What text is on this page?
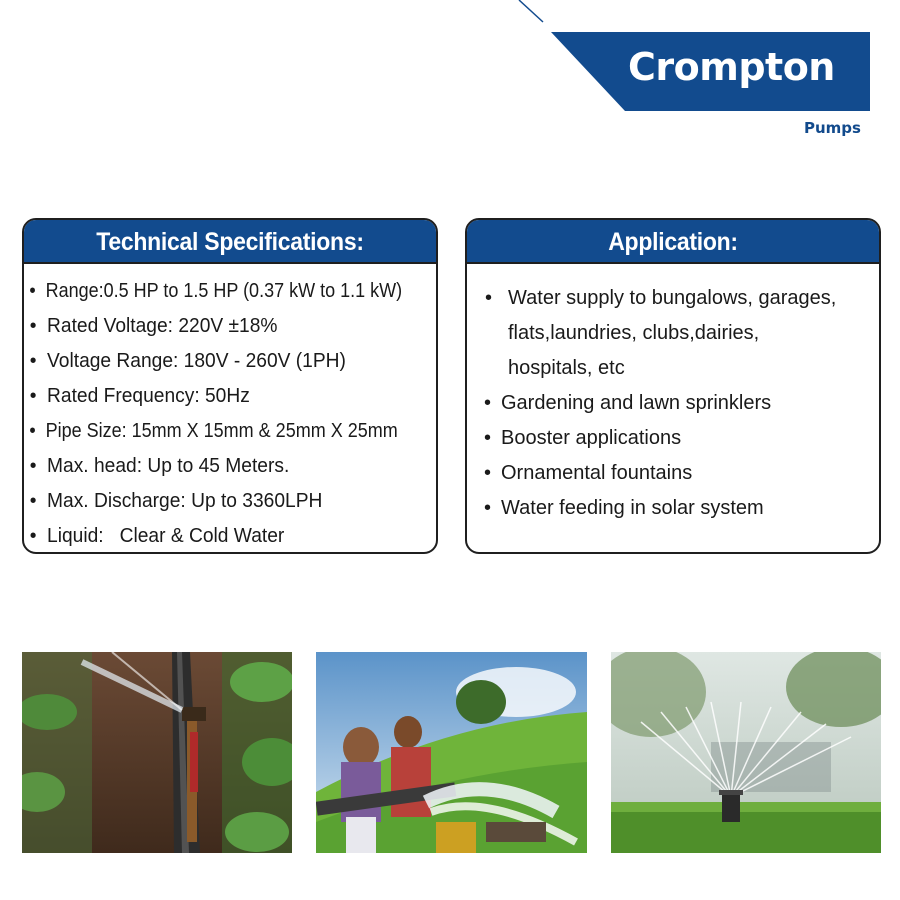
Crompton
Pumps
Technical Specifications:
• Range:0.5 HP to 1.5 HP (0.37 kW to 1.1 kW)
• Rated Voltage: 220V ±18%
• Voltage Range: 180V - 260V (1PH)
• Rated Frequency: 50Hz
• Pipe Size: 15mm X 15mm & 25mm X 25mm
• Max. head: Up to 45 Meters.
• Max. Discharge: Up to 3360LPH
• Liquid:   Clear & Cold Water
Application:
• Water supply to bungalows, garages, flats,laundries, clubs,dairies, hospitals, etc
• Gardening and lawn sprinklers
• Booster applications
• Ornamental fountains
• Water feeding in solar system
